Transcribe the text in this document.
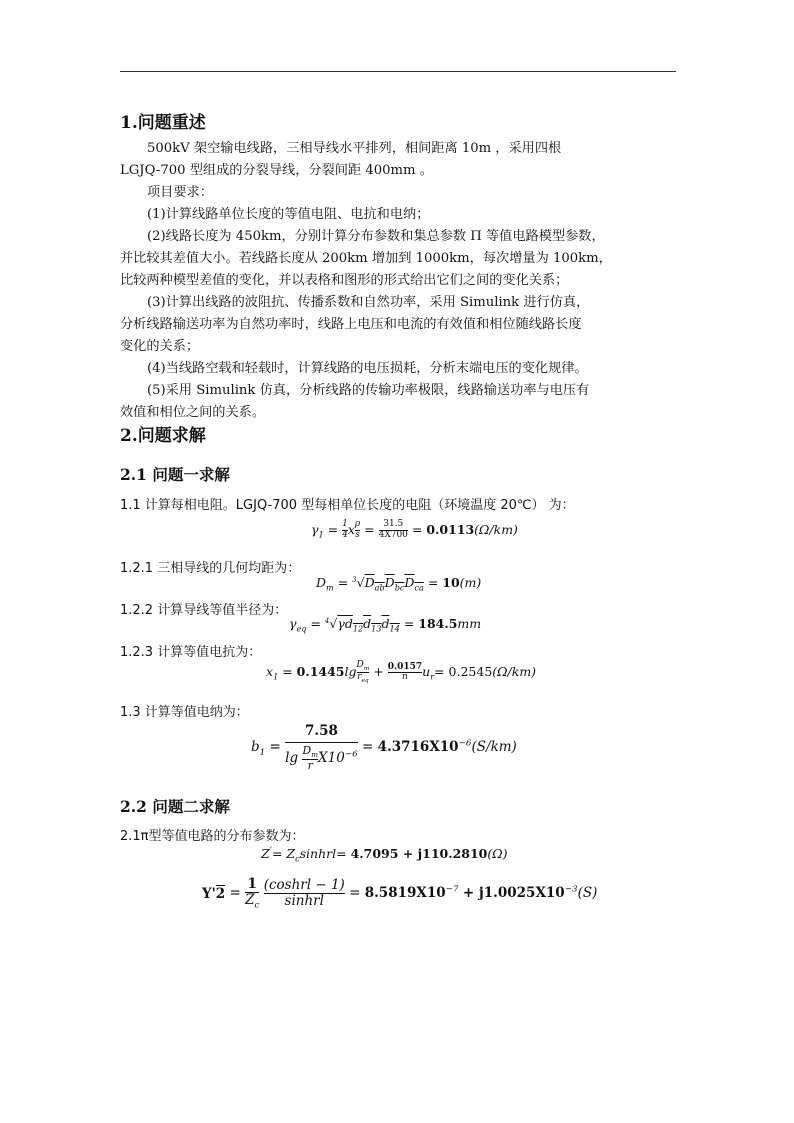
1.问题重述
500kV 架空输电线路，三相导线水平排列，相间距离 10m ，采用四根
LGJQ-700 型组成的分裂导线，分裂间距 400mm 。
项目要求：
(1)计算线路单位长度的等值电阻、电抗和电纳；
(2)线路长度为 450km，分别计算分布参数和集总参数 Π 等值电路模型参数，
并比较其差值大小。若线路长度从 200km 增加到 1000km，每次增量为 100km，
比较两种模型差值的变化，并以表格和图形的形式给出它们之间的变化关系；
(3)计算出线路的波阻抗、传播系数和自然功率，采用 Simulink 进行仿真，
分析线路输送功率为自然功率时，线路上电压和电流的有效值和相位随线路长度
变化的关系；
(4)当线路空载和轻载时，计算线路的电压损耗，分析末端电压的变化规律。
(5)采用 Simulink 仿真，分析线路的传输功率极限，线路输送功率与电压有
效值和相位之间的关系。
2.问题求解
2.1 问题一求解
1.1 计算每相电阻。LGJQ-700 型每相单位长度的电阻（环境温度 20℃） 为：
$\gamma_1 = \frac{1}{4}$ x $\frac{\rho}{s} = \frac{31.5}{4X700} = 0.0113(\Omega/km)$
1.2.1 三相导线的几何均距为：
$D_m = ^3√D_{ab}D_{bc}D_{ca} = 10(m)$
1.2.2 计算导线等值半径为：
$\gamma_{eq} = ^4√\gamma d_{12}d_{13}d_{14} = 184.5mm$
1.2.3 计算等值电抗为：
$x_1 = 0.1445\lg \frac{D_m}{r_{eq}} + \frac{0.0157}{n} u_r= 0.2545(\Omega/km)$
1.3 计算等值电纳为：
$b_1 = \frac{7.58}{\lg \frac{D_m}{r} X10^{-6}} = 4.3716X10^{-6}(S/km)$
2.2 问题二求解
2.1π型等值电路的分布参数为：
$Z^ʹ=$ $Z_csinhrl= 4.7095 + j110.2810(\Omega)$
$Y'2 = \frac{1}{Z_c}$
$\frac{\text{(coshrl − 1)}}{\text{sinhrl}} = 8.5819X10^{-7} + j1.0025X10^{-3}(S)$
